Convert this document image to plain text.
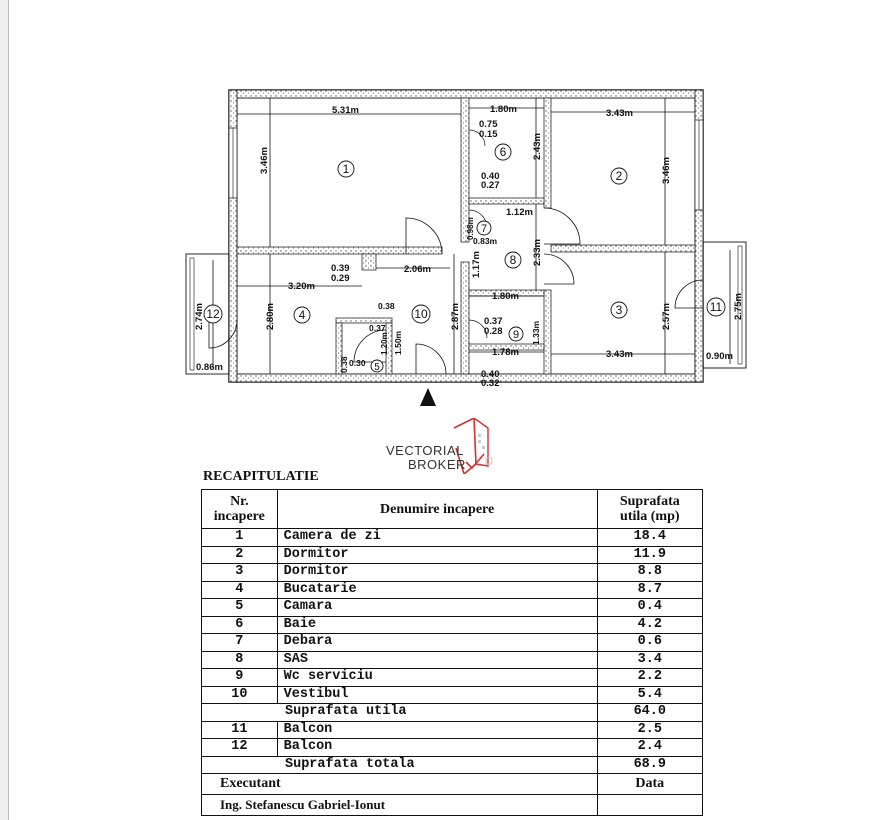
1	2
3
4
5
6
7
8
9
10	11
12
5.31m	1.80m	3.43m
3.46m	3.46m
2.43m
0.75
0.15
0.40
0.27
1.12m
0.98m
0.83m	2.33m
0.39
0.29
2.06m	1.17m
3.20m
2.74m	2.80m	0.38
0.37
1.20m 1.50m
0.38 0.30
2.87m
1.80m
0.37
0.28	1.33m
1.78m
0.40
0.32
3.43m
2.57m	2.75m
0.86m
0.90m
VECTORIAL
BROKER
RECAPITULATIE
Nr.
incapere	Denumire incapere	Suprafata
utila (mp)
1	Camera de zi	18.4
2	Dormitor	11.9
3	Dormitor	8.8
4	Bucatarie	8.7
5	Camara	0.4
6	Baie	4.2
7	Debara	0.6
8	SAS	3.4
9	Wc serviciu	2.2
10	Vestibul	5.4
Suprafata utila		64.0
11	Balcon	2.5
12	Balcon	2.4
Suprafata totala		68.9
Executant		Data
Ing. Stefanescu Gabriel-Ionut		
